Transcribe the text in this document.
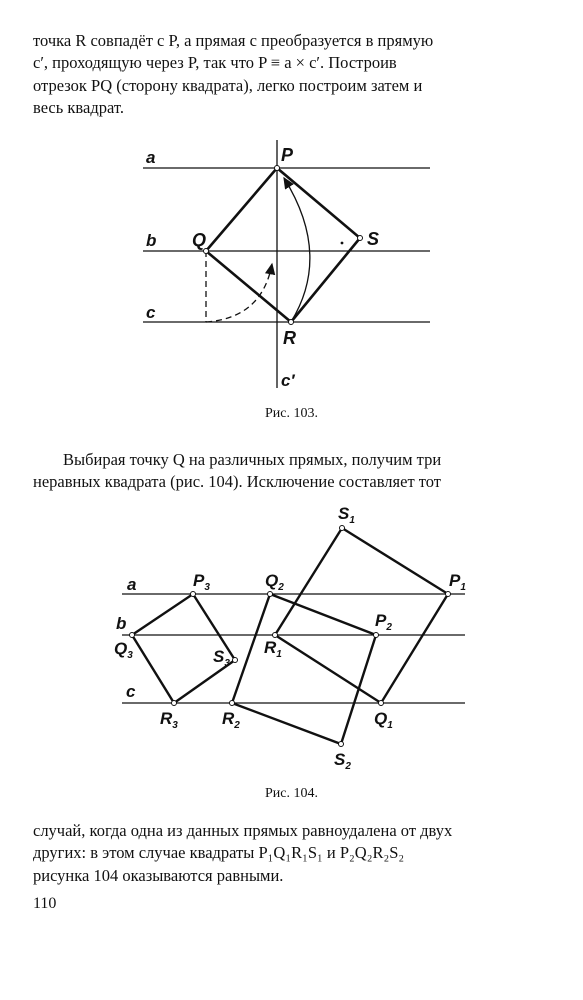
точка R совпадёт с P, а прямая c преобразуется в прямую
c′, проходящую через P, так что P ≡ a × c′. Построив
отрезок PQ (сторону квадрата), легко построим затем и
весь квадрат.
a
b
c
c′
P
Q
R
S
Рис. 103.
Выбирая точку Q на различных прямых, получим три
неравных квадрата (рис. 104). Исключение составляет тот
a
b
c
$S_1$
$P_1$
$Q_2$
$P_3$
$P_2$
$Q_3$	$R_1$
$S_3$
$R_3$	$R_2$	$Q_1$
$S_2$
Рис. 104.
случай, когда одна из данных прямых равноудалена от двух
других: в этом случае квадраты P₁Q₁R₁S₁ и P₂Q₂R₂S₂
рисунка 104 оказываются равными.
110
